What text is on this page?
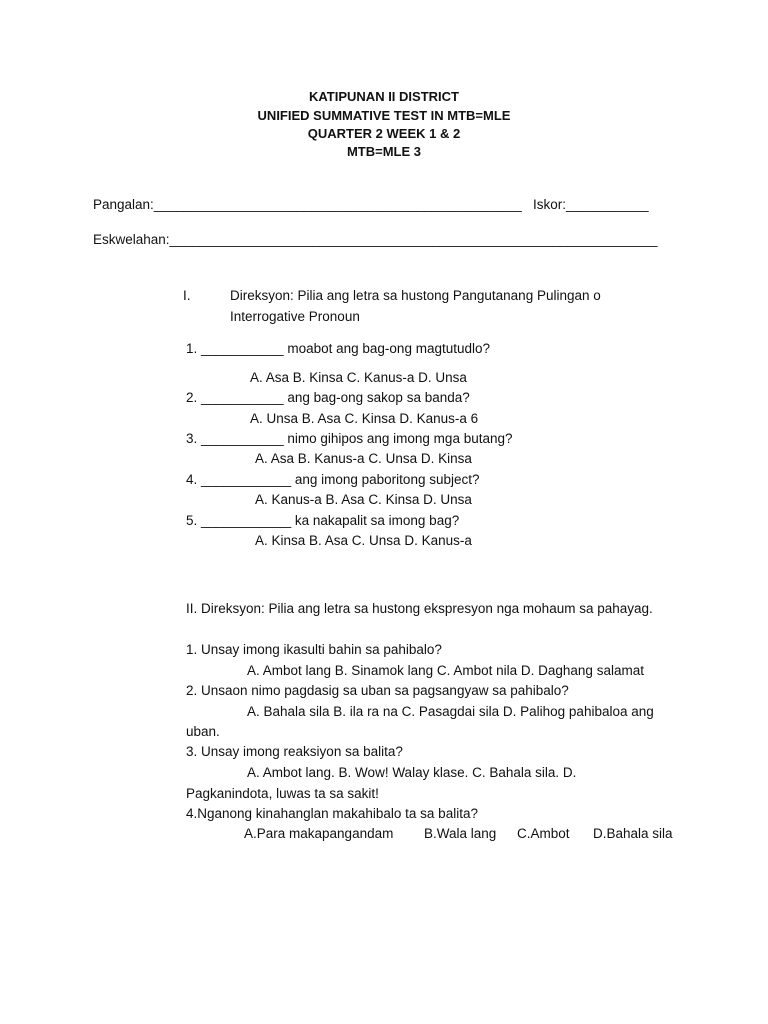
KATIPUNAN II DISTRICT
UNIFIED SUMMATIVE TEST IN MTB=MLE
QUARTER 2 WEEK 1 & 2
MTB=MLE 3
Pangalan:_________________________________________________ Iskor:___________
Eskwelahan:_________________________________________________________________
I.	Direksyon: Pilia ang letra sa hustong Pangutanang Pulingan o
Interrogative Pronoun
1. ___________ moabot ang bag-ong magtutudlo?
A. Asa B. Kinsa C. Kanus-a D. Unsa
2. ___________ ang bag-ong sakop sa banda?
A. Unsa B. Asa C. Kinsa D. Kanus-a 6
3. ___________ nimo gihipos ang imong mga butang?
A. Asa B. Kanus-a C. Unsa D. Kinsa
4. ____________ ang imong paboritong subject?
A. Kanus-a B. Asa C. Kinsa D. Unsa
5. ____________ ka nakapalit sa imong bag?
A. Kinsa B. Asa C. Unsa D. Kanus-a
II. Direksyon: Pilia ang letra sa hustong ekspresyon nga mohaum sa pahayag.
1. Unsay imong ikasulti bahin sa pahibalo?
A. Ambot lang B. Sinamok lang C. Ambot nila D. Daghang salamat
2. Unsaon nimo pagdasig sa uban sa pagsangyaw sa pahibalo?
A. Bahala sila B. ila ra na C. Pasagdai sila D. Palihog pahibaloa ang
uban.
3. Unsay imong reaksiyon sa balita?
A. Ambot lang. B. Wow! Walay klase. C. Bahala sila. D.
Pagkanindota, luwas ta sa sakit!
4.Nganong kinahanglan makahibalo ta sa balita?
A.Para makapangandam B.Wala lang C.Ambot D.Bahala sila
